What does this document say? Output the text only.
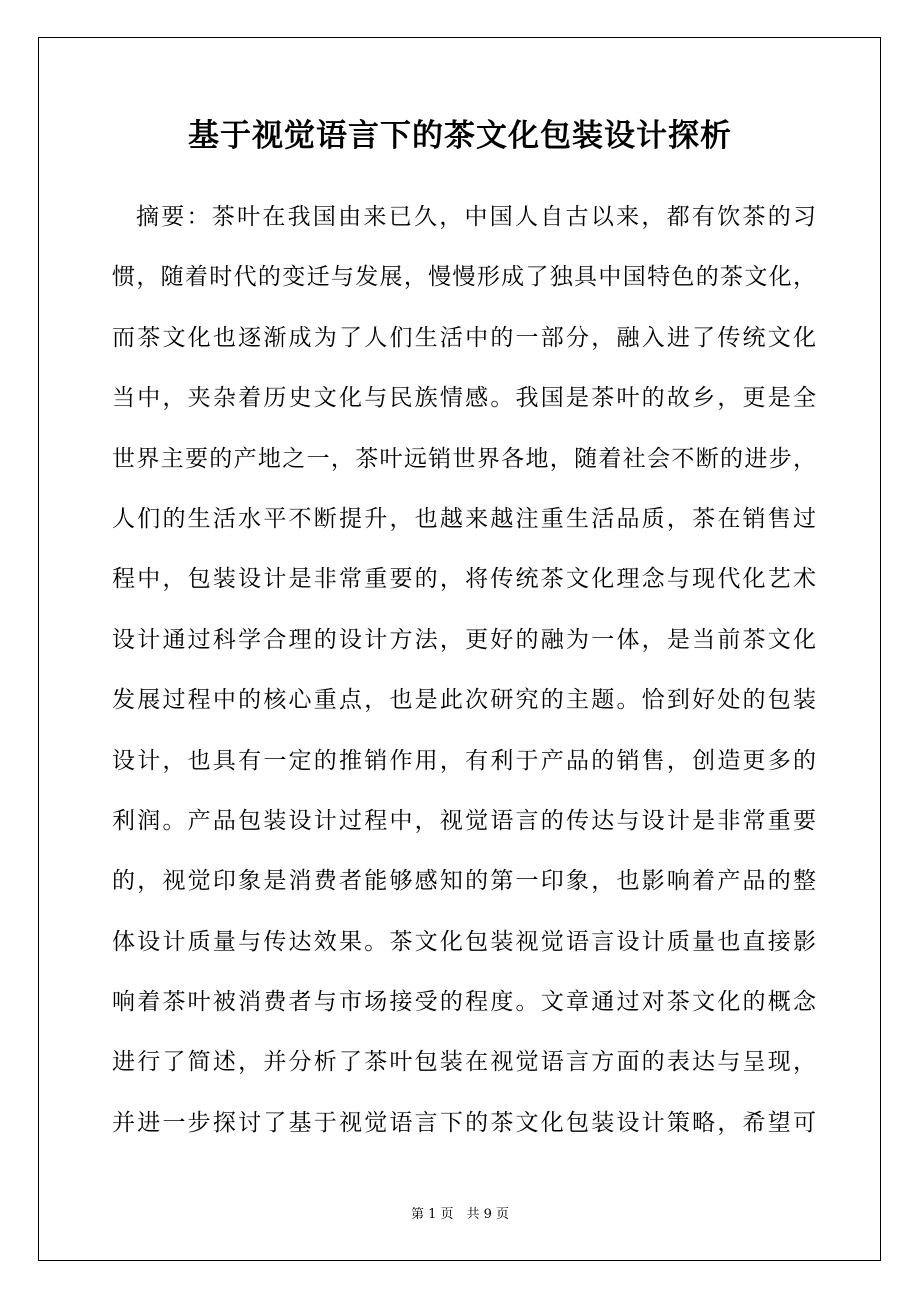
基于视觉语言下的茶文化包装设计探析
摘要：茶叶在我国由来已久，中国人自古以来，都有饮茶的习
惯，随着时代的变迁与发展，慢慢形成了独具中国特色的茶文化，
而茶文化也逐渐成为了人们生活中的一部分，融入进了传统文化
当中，夹杂着历史文化与民族情感。我国是茶叶的故乡，更是全
世界主要的产地之一，茶叶远销世界各地，随着社会不断的进步，
人们的生活水平不断提升，也越来越注重生活品质，茶在销售过
程中，包装设计是非常重要的，将传统茶文化理念与现代化艺术
设计通过科学合理的设计方法，更好的融为一体，是当前茶文化
发展过程中的核心重点，也是此次研究的主题。恰到好处的包装
设计，也具有一定的推销作用，有利于产品的销售，创造更多的
利润。产品包装设计过程中，视觉语言的传达与设计是非常重要
的，视觉印象是消费者能够感知的第一印象，也影响着产品的整
体设计质量与传达效果。茶文化包装视觉语言设计质量也直接影
响着茶叶被消费者与市场接受的程度。文章通过对茶文化的概念
进行了简述，并分析了茶叶包装在视觉语言方面的表达与呈现，
并进一步探讨了基于视觉语言下的茶文化包装设计策略，希望可
第 1 页　共 9 页
